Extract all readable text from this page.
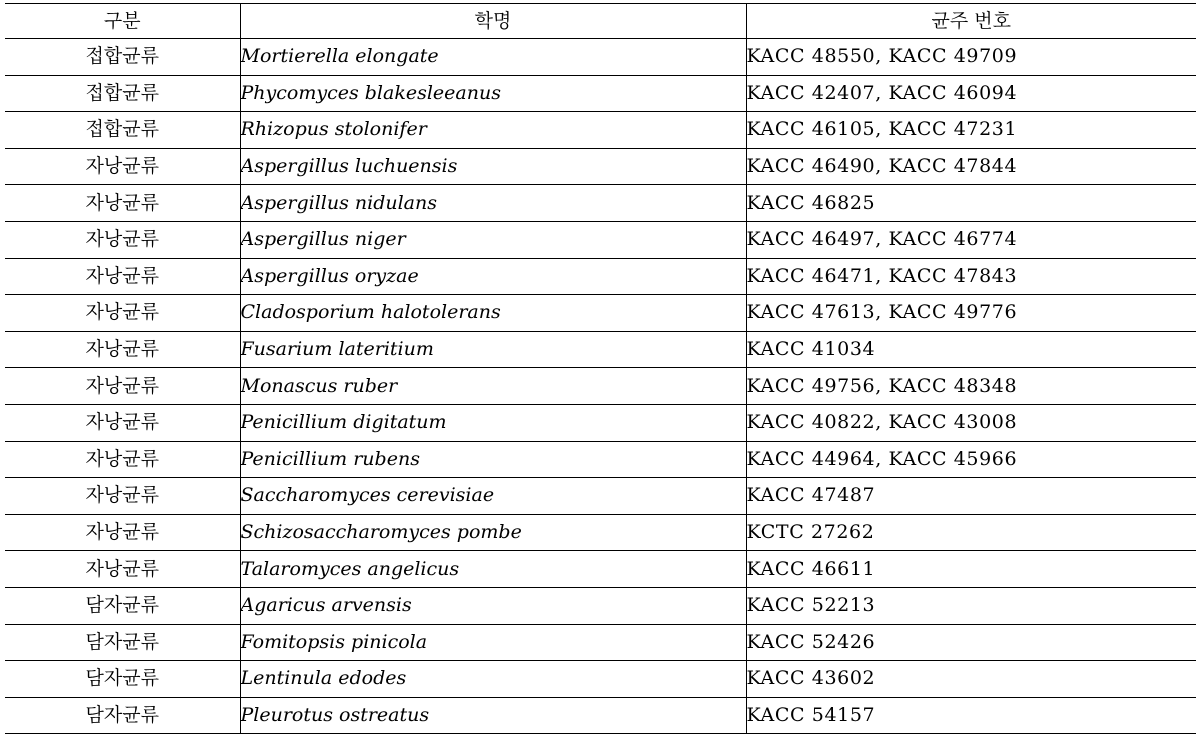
구분	학명	균주 번호
접합균류	Mortierella elongate	KACC 48550, KACC 49709
접합균류	Phycomyces blakesleeanus	KACC 42407, KACC 46094
접합균류	Rhizopus stolonifer	KACC 46105, KACC 47231
자낭균류	Aspergillus luchuensis	KACC 46490, KACC 47844
자낭균류	Aspergillus nidulans	KACC 46825
자낭균류	Aspergillus niger	KACC 46497, KACC 46774
자낭균류	Aspergillus oryzae	KACC 46471, KACC 47843
자낭균류	Cladosporium halotolerans	KACC 47613, KACC 49776
자낭균류	Fusarium lateritium	KACC 41034
자낭균류	Monascus ruber	KACC 49756, KACC 48348
자낭균류	Penicillium digitatum	KACC 40822, KACC 43008
자낭균류	Penicillium rubens	KACC 44964, KACC 45966
자낭균류	Saccharomyces cerevisiae	KACC 47487
자낭균류	Schizosaccharomyces pombe	KCTC 27262
자낭균류	Talaromyces angelicus	KACC 46611
담자균류	Agaricus arvensis	KACC 52213
담자균류	Fomitopsis pinicola	KACC 52426
담자균류	Lentinula edodes	KACC 43602
담자균류	Pleurotus ostreatus	KACC 54157
